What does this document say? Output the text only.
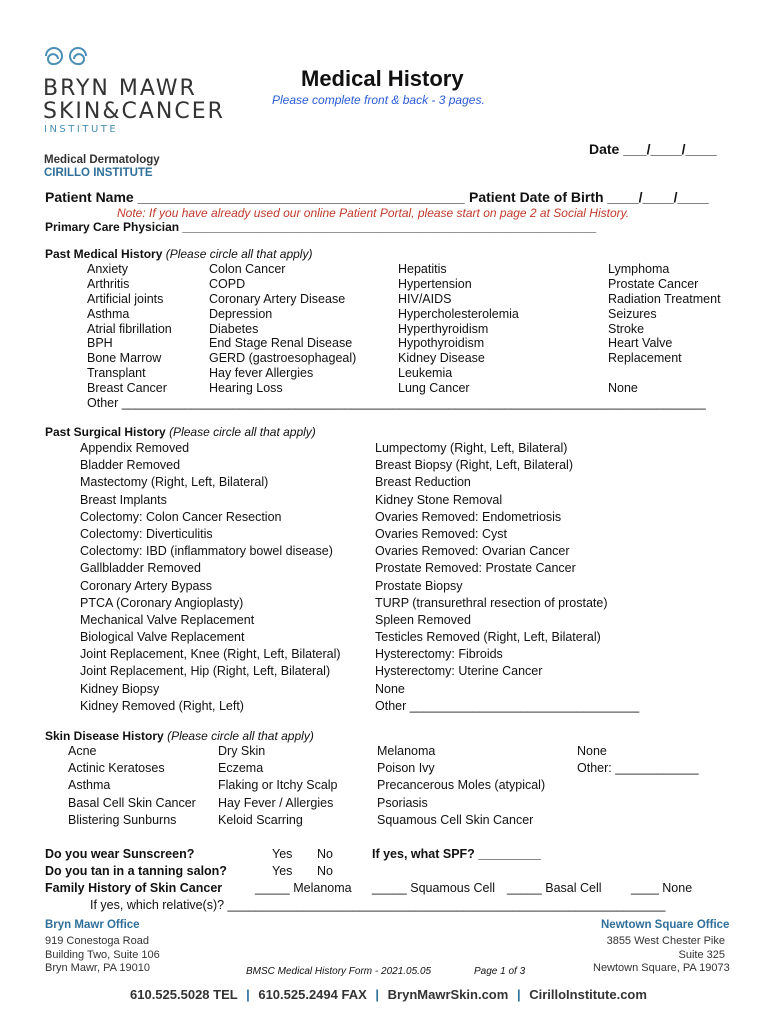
BRYN MAWR
SKIN&CANCER
INSTITUTE
Medical Dermatology
CIRILLO INSTITUTE
Medical History
Please complete front & back - 3 pages.
Date ___/____/____
Patient Name __________________________________________ Patient Date of Birth ____/____/____
Note: If you have already used our online Patient Portal, please start on page 2 at Social History.
Primary Care Physician ______________________________________________________________
Past Medical History (Please circle all that apply)
Anxiety
Arthritis
Artificial joints
Asthma
Atrial fibrillation
BPH
Bone Marrow
Transplant
Breast Cancer
Colon Cancer
COPD
Coronary Artery Disease
Depression
Diabetes
End Stage Renal Disease
GERD (gastroesophageal)
Hay fever Allergies
Hearing Loss
Hepatitis
Hypertension
HIV/AIDS
Hypercholesterolemia
Hyperthyroidism
Hypothyroidism
Kidney Disease
Leukemia
Lung Cancer
Lymphoma
Prostate Cancer
Radiation Treatment
Seizures
Stroke
Heart Valve
Replacement
None
Other ____________________________________________________________________________________
Past Surgical History (Please circle all that apply)
Appendix Removed
Bladder Removed
Mastectomy (Right, Left, Bilateral)
Breast Implants
Colectomy: Colon Cancer Resection
Colectomy: Diverticulitis
Colectomy: IBD (inflammatory bowel disease)
Gallbladder Removed
Coronary Artery Bypass
PTCA (Coronary Angioplasty)
Mechanical Valve Replacement
Biological Valve Replacement
Joint Replacement, Knee (Right, Left, Bilateral)
Joint Replacement, Hip (Right, Left, Bilateral)
Kidney Biopsy
Kidney Removed (Right, Left)
Lumpectomy (Right, Left, Bilateral)
Breast Biopsy (Right, Left, Bilateral)
Breast Reduction
Kidney Stone Removal
Ovaries Removed: Endometriosis
Ovaries Removed: Cyst
Ovaries Removed: Ovarian Cancer
Prostate Removed: Prostate Cancer
Prostate Biopsy
TURP (transurethral resection of prostate)
Spleen Removed
Testicles Removed (Right, Left, Bilateral)
Hysterectomy: Fibroids
Hysterectomy: Uterine Cancer
None
Other _________________________________
Skin Disease History (Please circle all that apply)
Acne
Actinic Keratoses
Asthma
Basal Cell Skin Cancer
Blistering Sunburns
Dry Skin
Eczema
Flaking or Itchy Scalp
Hay Fever / Allergies
Keloid Scarring
Melanoma
Poison Ivy
Precancerous Moles (atypical)
Psoriasis
Squamous Cell Skin Cancer
None
Other: ____________
Do you wear Sunscreen?
Do you tan in a tanning salon?
Family History of Skin Cancer
Yes No	If yes, what SPF? _________
Yes No
_____ Melanoma _____ Squamous Cell _____ Basal Cell ____ None
If yes, which relative(s)? _______________________________________________________________
Bryn Mawr Office
919 Conestoga Road
Building Two, Suite 106
Bryn Mawr, PA 19010
Newtown Square Office
3855 West Chester Pike
Suite 325
Newtown Square, PA 19073
BMSC Medical History Form - 2021.05.05	Page 1 of 3
610.525.5028 TEL | 610.525.2494 FAX | BrynMawrSkin.com | CirilloInstitute.com
